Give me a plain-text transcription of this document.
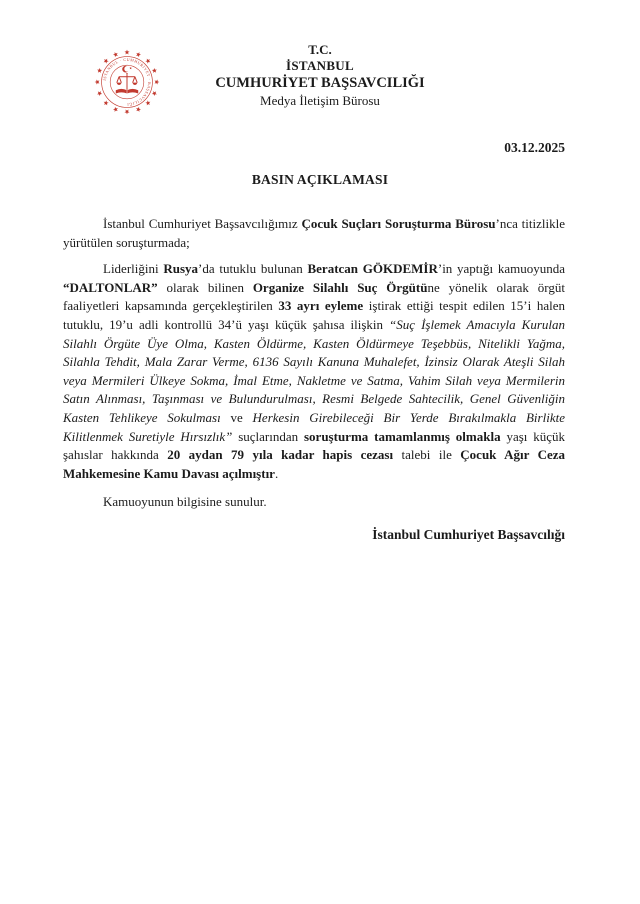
İSTANBUL · CUMHURİYET · BAŞSAVCILIĞI
T.C.
İSTANBUL
CUMHURİYET BAŞSAVCILIĞI
Medya İletişim Bürosu
03.12.2025
BASIN AÇIKLAMASI

İstanbul Cumhuriyet Başsavcılığımız Çocuk Suçları Soruşturma Bürosu’nca titizlikle yürütülen soruşturmada;

Liderliğini Rusya’da tutuklu bulunan Beratcan GÖKDEMİR’in yaptığı kamuoyunda “DALTONLAR” olarak bilinen Organize Silahlı Suç Örgütüne yönelik olarak örgüt faaliyetleri kapsamında gerçekleştirilen 33 ayrı eyleme iştirak ettiği tespit edilen 15’i halen tutuklu, 19’u adli kontrollü 34’ü yaşı küçük şahısa ilişkin “Suç İşlemek Amacıyla Kurulan Silahlı Örgüte Üye Olma, Kasten Öldürme, Kasten Öldürmeye Teşebbüs, Nitelikli Yağma, Silahla Tehdit, Mala Zarar Verme, 6136 Sayılı Kanuna Muhalefet, İzinsiz Olarak Ateşli Silah veya Mermileri Ülkeye Sokma, İmal Etme, Nakletme ve Satma, Vahim Silah veya Mermilerin Satın Alınması, Taşınması ve Bulundurulması, Resmi Belgede Sahtecilik, Genel Güvenliğin Kasten Tehlikeye Sokulması ve Herkesin Girebileceği Bir Yerde Bırakılmakla Birlikte Kilitlenmek Suretiyle Hırsızlık” suçlarından soruşturma tamamlanmış olmakla yaşı küçük şahıslar hakkında 20 aydan 79 yıla kadar hapis cezası talebi ile Çocuk Ağır Ceza Mahkemesine Kamu Davası açılmıştır.

Kamuoyunun bilgisine sunulur.

İstanbul Cumhuriyet Başsavcılığı
